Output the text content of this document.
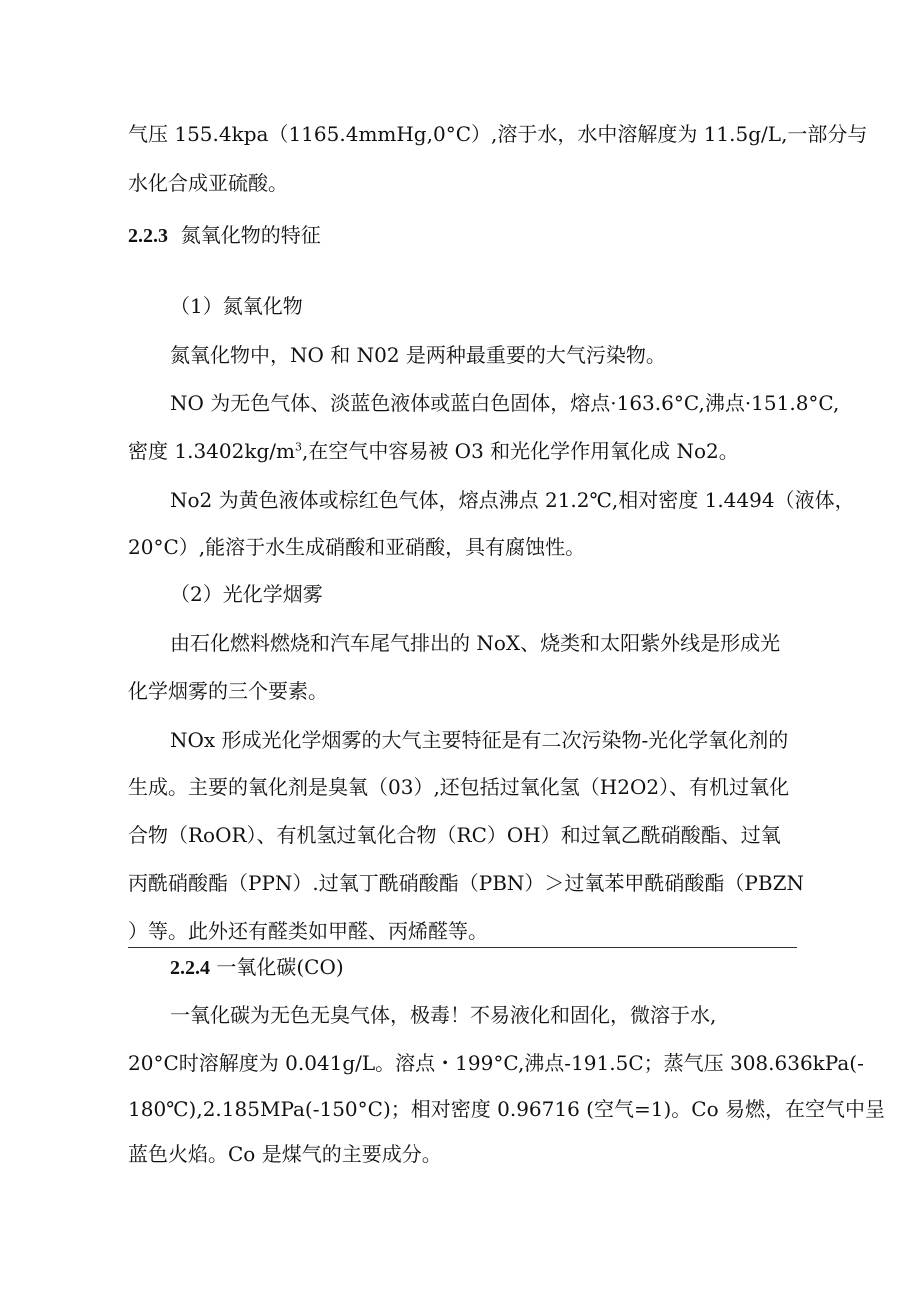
气压 155.4kpa（1165.4mmHg,0°C）,溶于水，水中溶解度为 11.5g/L,一部分与

水化合成亚硫酸。

2.2.3 氮氧化物的特征

（1）氮氧化物

氮氧化物中，NO 和 N02 是两种最重要的大气污染物。

NO 为无色气体、淡蓝色液体或蓝白色固体，熔点·163.6°C,沸点·151.8°C,

密度 $1.3402kg/m^3$,在空气中容易被 O3 和光化学作用氧化成 No2。

No2 为黄色液体或棕红色气体，熔点沸点 21.2℃,相对密度 1.4494（液体，

20°C）,能溶于水生成硝酸和亚硝酸，具有腐蚀性。

（2）光化学烟雾

由石化燃料燃烧和汽车尾气排出的 NoX、烧类和太阳紫外线是形成光

化学烟雾的三个要素。

NOx 形成光化学烟雾的大气主要特征是有二次污染物-光化学氧化剂的

生成。主要的氧化剂是臭氧（03）,还包括过氧化氢（H2O2）、有机过氧化

合物（RoOR）、有机氢过氧化合物（RC）OH）和过氧乙酰硝酸酯、过氧

丙酰硝酸酯（PPN）.过氧丁酰硝酸酯（PBN）＞过氧苯甲酰硝酸酯（PBZN

）等。此外还有醛类如甲醛、丙烯醛等。

2.2.4 一氧化碳(CO)

一氧化碳为无色无臭气体，极毒！不易液化和固化，微溶于水,

20°C时溶解度为 0.041g/L。溶点・199°C,沸点-191.5C；蒸气压 308.636kPa(-

180℃),2.185MPa(-150°C)；相对密度 0.96716 (空气=1)。Co 易燃，在空气中呈

蓝色火焰。Co 是煤气的主要成分。
